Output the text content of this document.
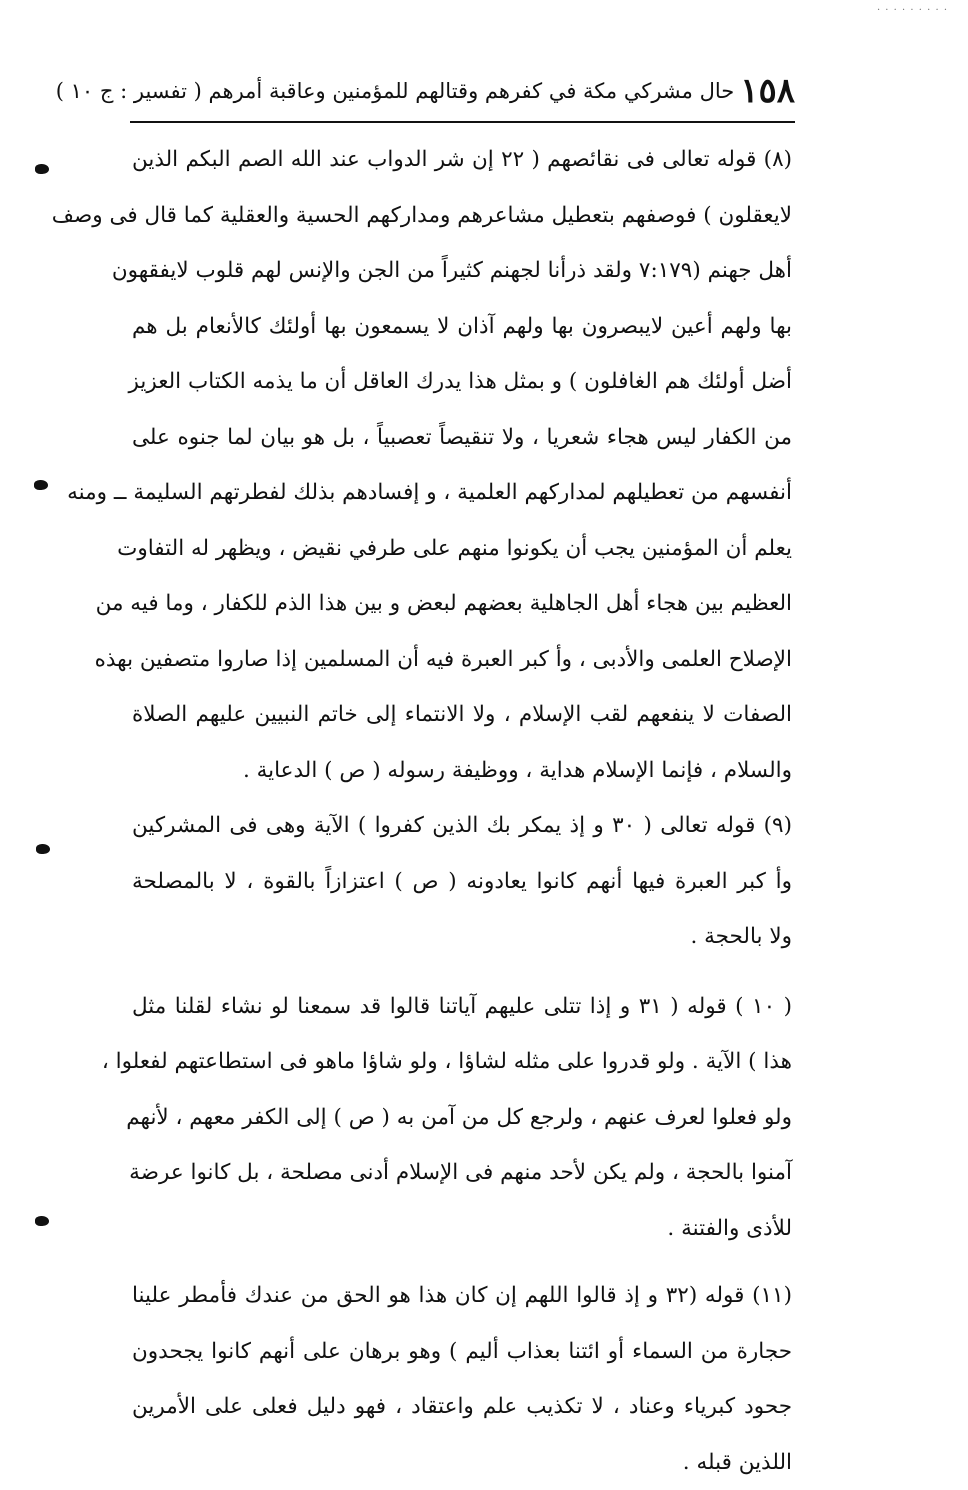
· · · · · · · · ·
١٥٨
حال مشركي مكة في كفرهم وقتالهم للمؤمنين وعاقبة أمرهم ( تفسير : ج ١٠ )

(٨) قوله تعالى فى نقائصهم ( ٢٢ إن شر الدواب عند الله الصم البكم الذين
لايعقلون ) فوصفهم بتعطيل مشاعرهم ومداركهم الحسية والعقلية كما قال فى وصف
أهل جهنم (٧:١٧٩ ولقد ذرأنا لجهنم كثيراً من الجن والإنس لهم قلوب لايفقهون
بها ولهم أعين لايبصرون بها ولهم آذان لا يسمعون بها أولئك كالأنعام بل هم
أضل أولئك هم الغافلون ) و بمثل هذا يدرك العاقل أن ما يذمه الكتاب العزيز
من الكفار ليس هجاء شعريا ، ولا تنقيصاً تعصبياً ، بل هو بيان لما جنوه على
أنفسهم من تعطيلهم لمداركهم العلمية ، و إفسادهم بذلك لفطرتهم السليمة ــ ومنه
يعلم أن المؤمنين يجب أن يكونوا منهم على طرفي نقيض ، ويظهر له التفاوت
العظيم بين هجاء أهل الجاهلية بعضهم لبعض و بين هذا الذم للكفار ، وما فيه من
الإصلاح العلمى والأدبى ، وأ كبر العبرة فيه أن المسلمين إذا صاروا متصفين بهذه
الصفات لا ينفعهم لقب الإسلام ، ولا الانتماء إلى خاتم النبيين عليهم الصلاة
والسلام ، فإنما الإسلام هداية ، ووظيفة رسوله ( ص ) الدعاية .

(٩) قوله تعالى ( ٣٠ و إذ يمكر بك الذين كفروا ) الآية وهى فى المشركين
وأ كبر العبرة فيها أنهم كانوا يعادونه ( ص ) اعتزازاً بالقوة ، لا بالمصلحة
ولا بالحجة .

( ١٠ ) قوله ( ٣١ و إذا تتلى عليهم آياتنا قالوا قد سمعنا لو نشاء لقلنا مثل
هذا ) الآية . ولو قدروا على مثله لشاؤا ، ولو شاؤا ماهو فى استطاعتهم لفعلوا ،
ولو فعلوا لعرف عنهم ، ولرجع كل من آمن به ( ص ) إلى الكفر معهم ، لأنهم
آمنوا بالحجة ، ولم يكن لأحد منهم فى الإسلام أدنى مصلحة ، بل كانوا عرضة
للأذى والفتنة .

(١١) قوله (٣٢ و إذ قالوا اللهم إن كان هذا هو الحق من عندك فأمطر علينا
حجارة من السماء أو ائتنا بعذاب أليم ) وهو برهان على أنهم كانوا يجحدون
جحود كبرياء وعناد ، لا تكذيب علم واعتقاد ، فهو دليل فعلى على الأمرين
اللذين قبله .
